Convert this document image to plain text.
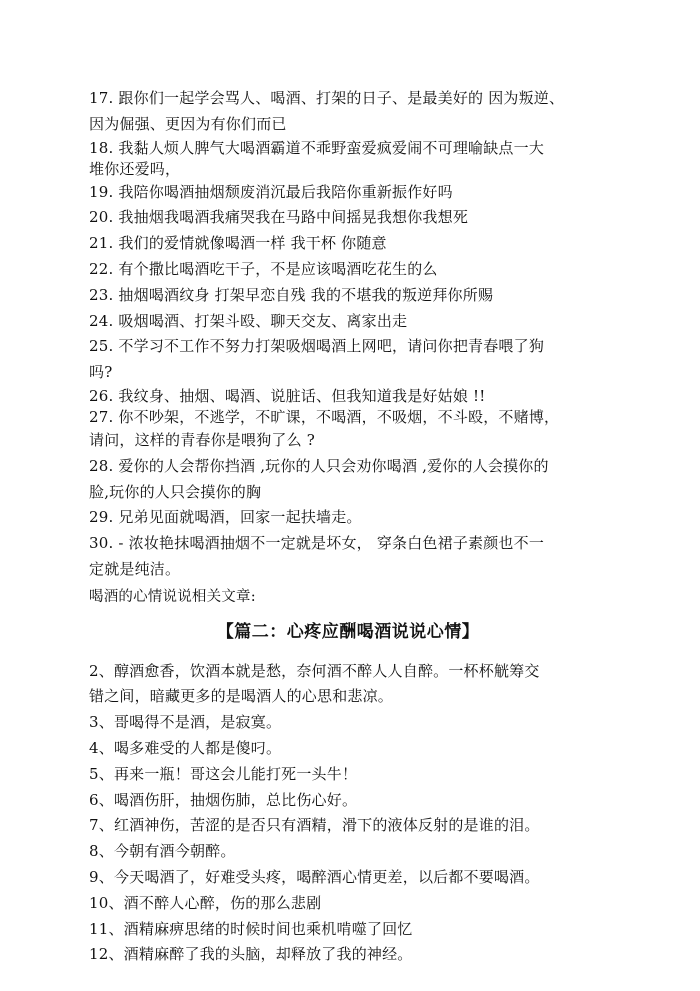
17. 跟你们一起学会骂人、喝酒、打架的日子、是最美好的 因为叛逆、
因为倔强、更因为有你们而已
18. 我黏人烦人脾气大喝酒霸道不乖野蛮爱疯爱闹不可理喻缺点一大
堆你还爱吗，
19. 我陪你喝酒抽烟颓废消沉最后我陪你重新振作好吗
20. 我抽烟我喝酒我痛哭我在马路中间摇晃我想你我想死
21. 我们的爱情就像喝酒一样 我干杯 你随意
22. 有个撒比喝酒吃干子，不是应该喝酒吃花生的么
23. 抽烟喝酒纹身 打架早恋自残 我的不堪我的叛逆拜你所赐
24. 吸烟喝酒、打架斗殴、聊天交友、离家出走
25. 不学习不工作不努力打架吸烟喝酒上网吧，请问你把青春喂了狗
吗?
26. 我纹身、抽烟、喝酒、说脏话、但我知道我是好姑娘 !!
27. 你不吵架，不逃学，不旷课，不喝酒，不吸烟，不斗殴，不赌博，
请问，这样的青春你是喂狗了么 ?
28. 爱你的人会帮你挡酒 ,玩你的人只会劝你喝酒 ,爱你的人会摸你的
脸,玩你的人只会摸你的胸
29. 兄弟见面就喝酒，回家一起扶墙走。
30. - 浓妆艳抹喝酒抽烟不一定就是坏女， 穿条白色裙子素颜也不一
定就是纯洁。
喝酒的心情说说相关文章:
【篇二：心疼应酬喝酒说说心情】
2、醇酒愈香，饮酒本就是愁，奈何酒不醉人人自醉。一杯杯觥筹交
错之间，暗藏更多的是喝酒人的心思和悲凉。
3、哥喝得不是酒，是寂寞。
4、喝多难受的人都是傻叼。
5、再来一瓶！哥这会儿能打死一头牛！
6、喝酒伤肝，抽烟伤肺，总比伤心好。
7、红酒神伤，苦涩的是否只有酒精，滑下的液体反射的是谁的泪。
8、今朝有酒今朝醉。
9、今天喝酒了，好难受头疼，喝醉酒心情更差，以后都不要喝酒。
10、酒不醉人心醉，伤的那么悲剧
11、酒精麻痹思绪的时候时间也乘机啃噬了回忆
12、酒精麻醉了我的头脑，却释放了我的神经。
